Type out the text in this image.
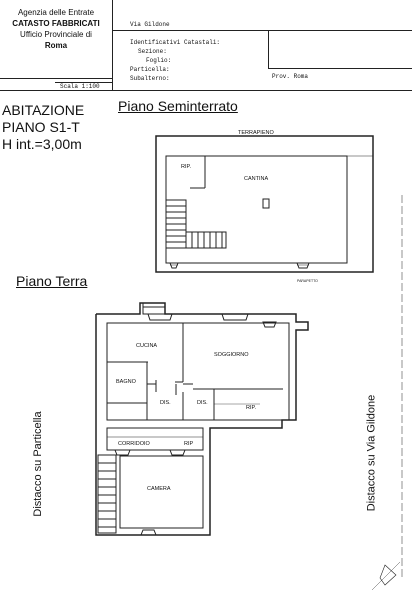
Agenzia delle Entrate
CATASTO FABBRICATI
Ufficio Provinciale di
Roma
Scala 1:100
Via Gildone
Identificativi Catastali:
Sezione:
Foglio:
Particella:
Subalterno:	Prov. Roma
ABITAZIONE
PIANO S1-T
H int.=3,00m
Piano Seminterrato
Piano Terra
TERRAPIENO
RIP.
CANTINA
PARAPETTO
CUCINA
SOGGIORNO
BAGNO
DIS.	DIS.
RIP.
CORRIDOIO	RIP
CAMERA
Distacco su Particella	Distacco su Via Gildone
